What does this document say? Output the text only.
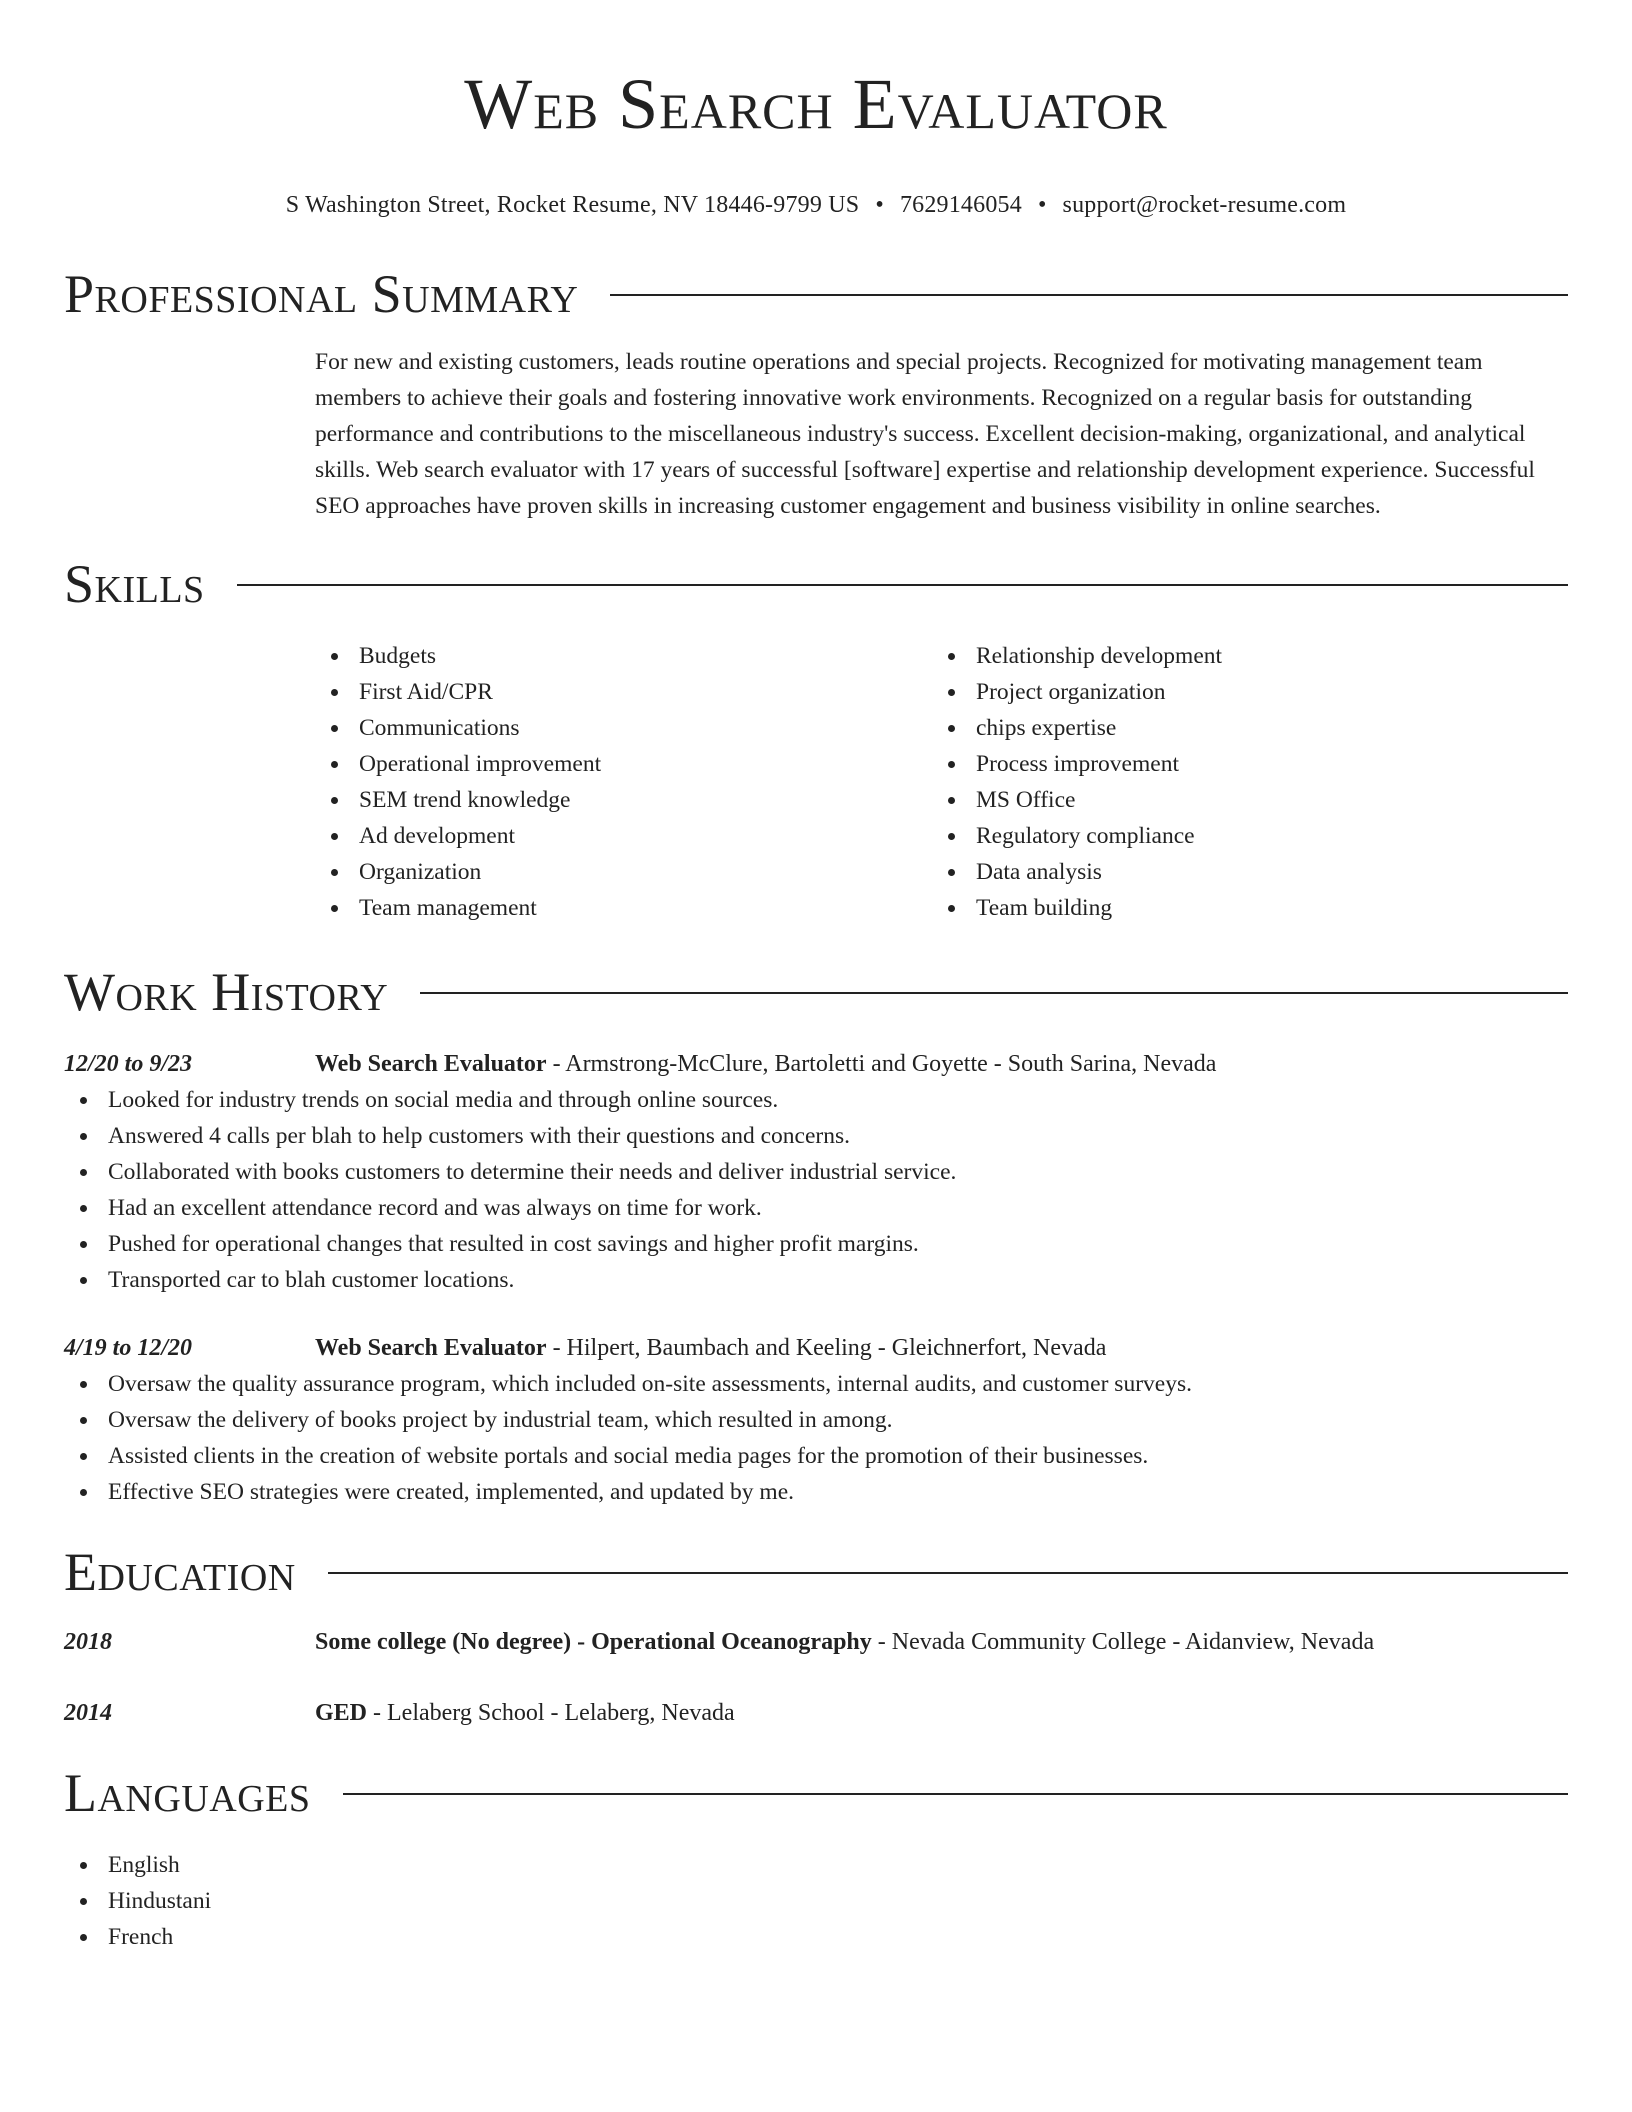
Web Search Evaluator
S Washington Street, Rocket Resume, NV 18446-9799 US • 7629146054 • support@rocket-resume.com
Professional Summary
For new and existing customers, leads routine operations and special projects. Recognized for motivating management team members to achieve their goals and fostering innovative work environments. Recognized on a regular basis for outstanding performance and contributions to the miscellaneous industry's success. Excellent decision-making, organizational, and analytical skills. Web search evaluator with 17 years of successful [software] expertise and relationship development experience. Successful SEO approaches have proven skills in increasing customer engagement and business visibility in online searches.
Skills
Budgets
First Aid/CPR
Communications
Operational improvement
SEM trend knowledge
Ad development
Organization
Team management
Relationship development
Project organization
chips expertise
Process improvement
MS Office
Regulatory compliance
Data analysis
Team building
Work History
12/20 to 9/23	Web Search Evaluator - Armstrong-McClure, Bartoletti and Goyette - South Sarina, Nevada
Looked for industry trends on social media and through online sources.
Answered 4 calls per blah to help customers with their questions and concerns.
Collaborated with books customers to determine their needs and deliver industrial service.
Had an excellent attendance record and was always on time for work.
Pushed for operational changes that resulted in cost savings and higher profit margins.
Transported car to blah customer locations.
4/19 to 12/20	Web Search Evaluator - Hilpert, Baumbach and Keeling - Gleichnerfort, Nevada
Oversaw the quality assurance program, which included on-site assessments, internal audits, and customer surveys.
Oversaw the delivery of books project by industrial team, which resulted in among.
Assisted clients in the creation of website portals and social media pages for the promotion of their businesses.
Effective SEO strategies were created, implemented, and updated by me.
Education
2018	Some college (No degree) - Operational Oceanography - Nevada Community College - Aidanview, Nevada
2014	GED - Lelaberg School - Lelaberg, Nevada
Languages
English
Hindustani
French
